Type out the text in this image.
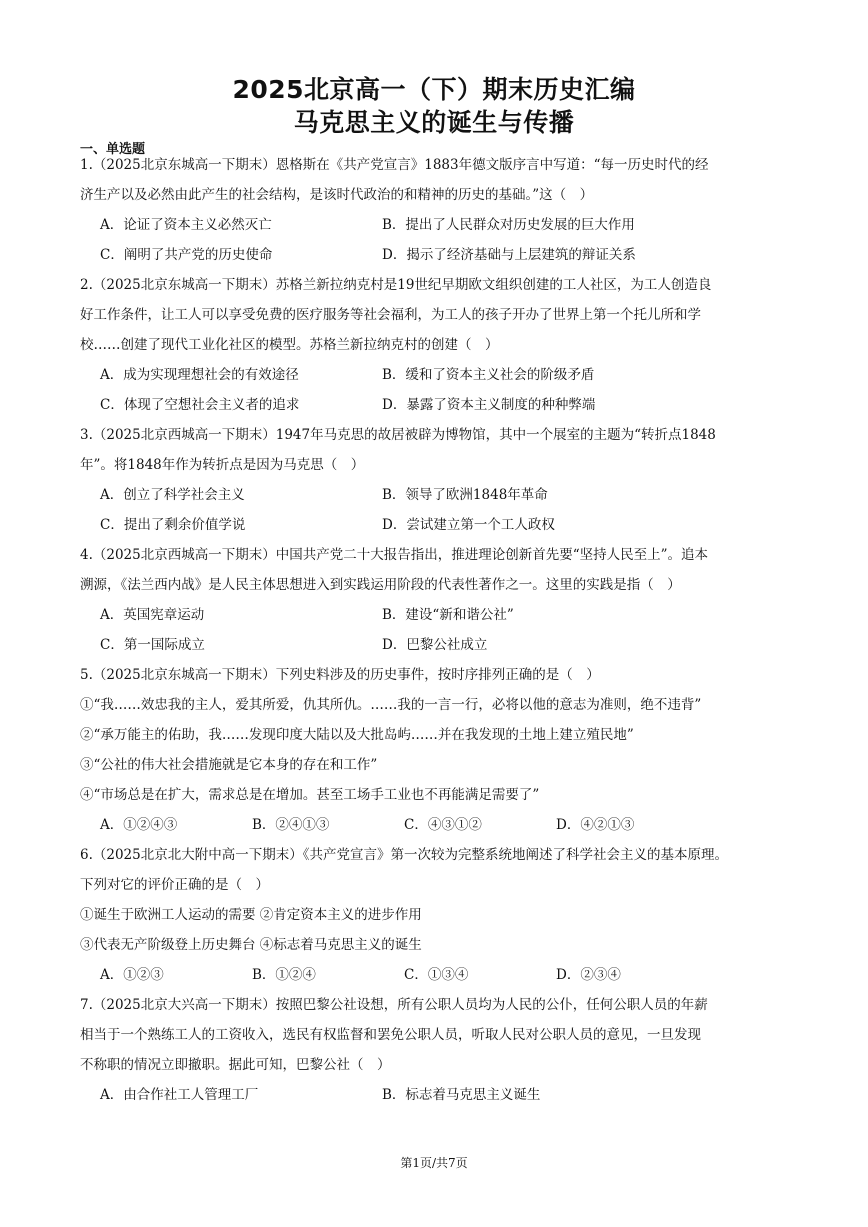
2025北京高一（下）期末历史汇编
马克思主义的诞生与传播
一、单选题
1.（2025北京东城高一下期末）恩格斯在《共产党宣言》1883年德文版序言中写道：“每一历史时代的经
济生产以及必然由此产生的社会结构，是该时代政治的和精神的历史的基础。”这（　）
A．论证了资本主义必然灭亡	B．提出了人民群众对历史发展的巨大作用
C．阐明了共产党的历史使命	D．揭示了经济基础与上层建筑的辩证关系
2.（2025北京东城高一下期末）苏格兰新拉纳克村是19世纪早期欧文组织创建的工人社区，为工人创造良
好工作条件，让工人可以享受免费的医疗服务等社会福利，为工人的孩子开办了世界上第一个托儿所和学
校……创建了现代工业化社区的模型。苏格兰新拉纳克村的创建（　）
A．成为实现理想社会的有效途径	B．缓和了资本主义社会的阶级矛盾
C．体现了空想社会主义者的追求	D．暴露了资本主义制度的种种弊端
3.（2025北京西城高一下期末）1947年马克思的故居被辟为博物馆，其中一个展室的主题为“转折点1848
年”。将1848年作为转折点是因为马克思（　）
A．创立了科学社会主义	B．领导了欧洲1848年革命
C．提出了剩余价值学说	D．尝试建立第一个工人政权
4.（2025北京西城高一下期末）中国共产党二十大报告指出，推进理论创新首先要“坚持人民至上”。追本
溯源，《法兰西内战》是人民主体思想进入到实践运用阶段的代表性著作之一。这里的实践是指（　）
A．英国宪章运动	B．建设“新和谐公社”
C．第一国际成立	D．巴黎公社成立
5.（2025北京东城高一下期末）下列史料涉及的历史事件，按时序排列正确的是（　）
①“我……效忠我的主人，爱其所爱，仇其所仇。……我的一言一行，必将以他的意志为准则，绝不违背”
②“承万能主的佑助，我……发现印度大陆以及大批岛屿……并在我发现的土地上建立殖民地”
③“公社的伟大社会措施就是它本身的存在和工作”
④“市场总是在扩大，需求总是在增加。甚至工场手工业也不再能满足需要了”
A．①②④③	B．②④①③	C．④③①②	D．④②①③
6.（2025北京北大附中高一下期末）《共产党宣言》第一次较为完整系统地阐述了科学社会主义的基本原理。
下列对它的评价正确的是（　）
①诞生于欧洲工人运动的需要 ②肯定资本主义的进步作用
③代表无产阶级登上历史舞台 ④标志着马克思主义的诞生
A．①②③	B．①②④	C．①③④	D．②③④
7.（2025北京大兴高一下期末）按照巴黎公社设想，所有公职人员均为人民的公仆，任何公职人员的年薪
相当于一个熟练工人的工资收入，选民有权监督和罢免公职人员，听取人民对公职人员的意见，一旦发现
不称职的情况立即撤职。据此可知，巴黎公社（　）
A．由合作社工人管理工厂	B．标志着马克思主义诞生
第1页/共7页
